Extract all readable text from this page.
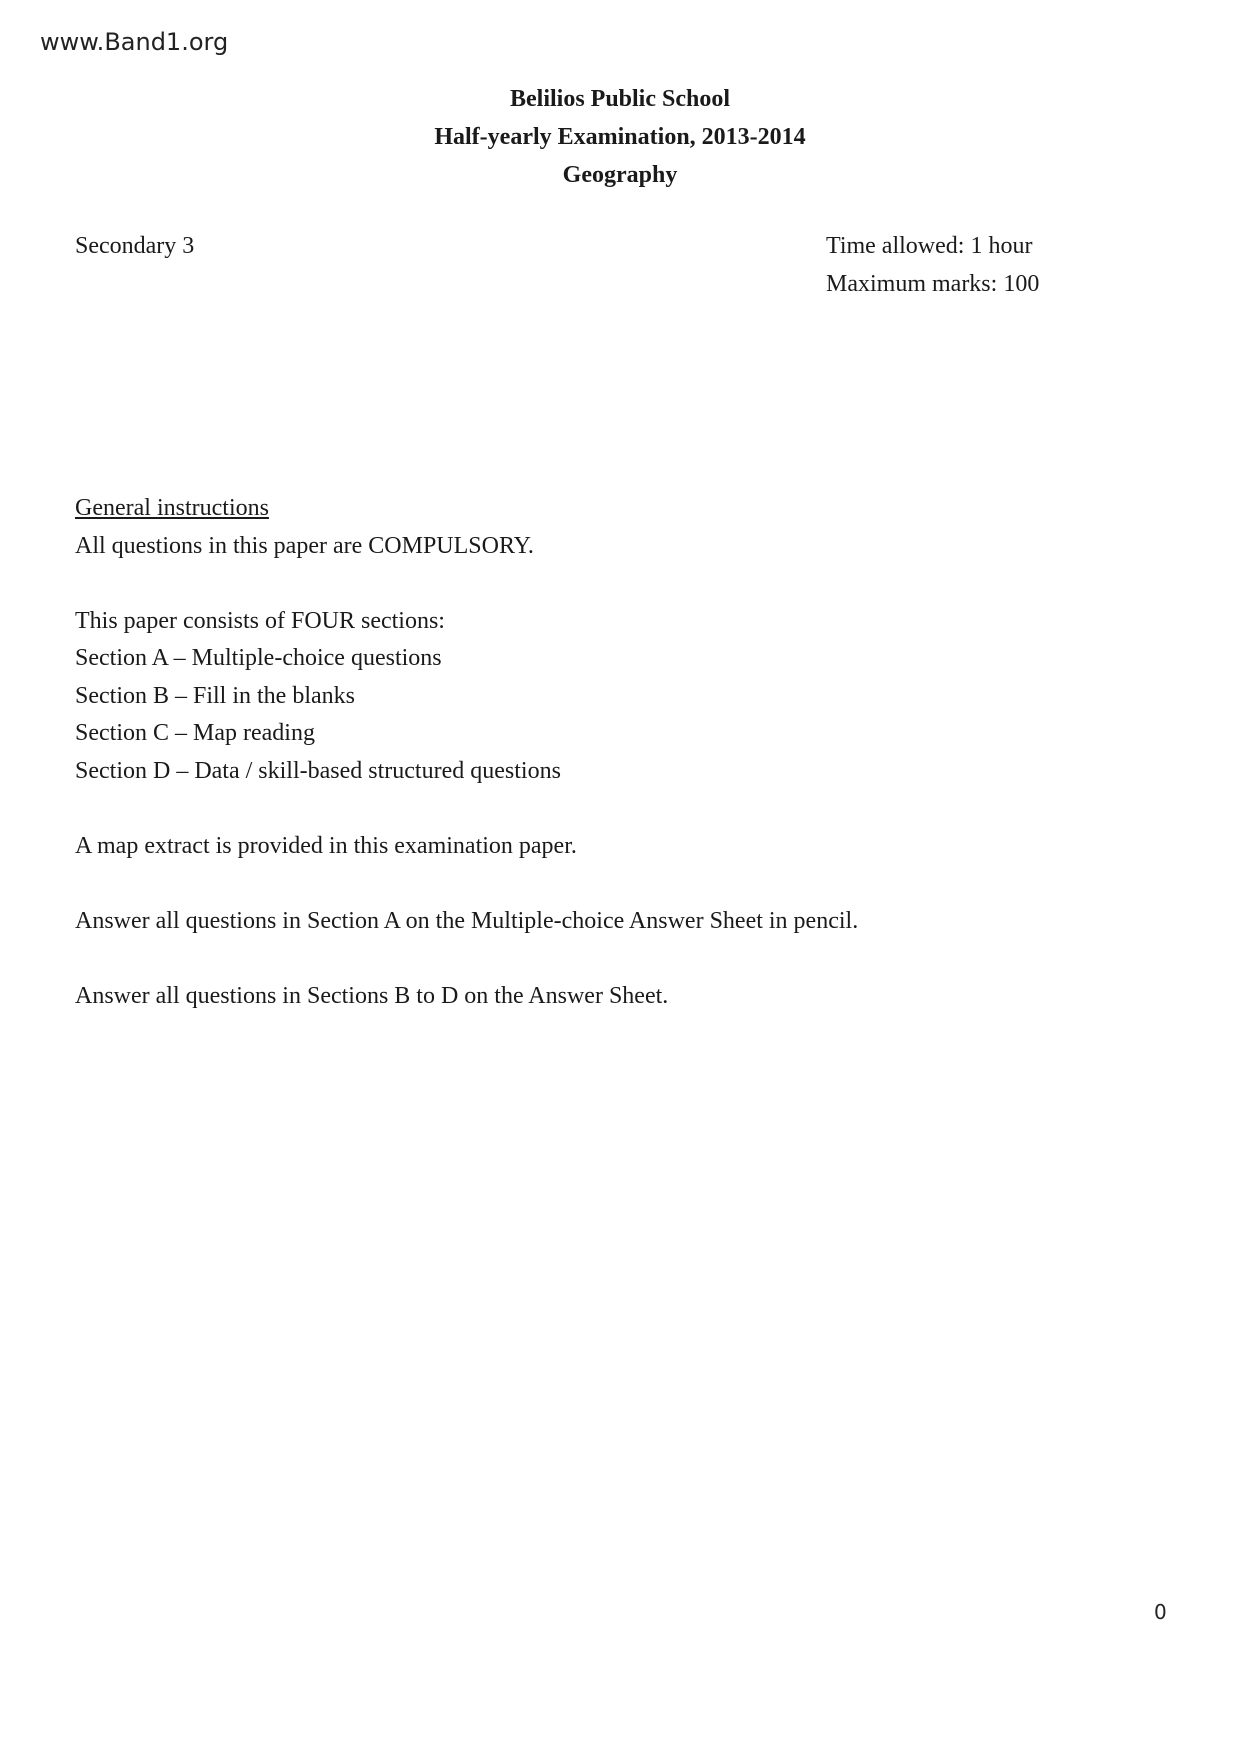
www.Band1.org
Belilios Public School
Half-yearly Examination, 2013-2014
Geography
Secondary 3	Time allowed: 1 hour
Maximum marks: 100
General instructions
All questions in this paper are COMPULSORY.
This paper consists of FOUR sections:
Section A – Multiple-choice questions
Section B – Fill in the blanks
Section C – Map reading
Section D – Data / skill-based structured questions
A map extract is provided in this examination paper.
Answer all questions in Section A on the Multiple-choice Answer Sheet in pencil.
Answer all questions in Sections B to D on the Answer Sheet.
0
